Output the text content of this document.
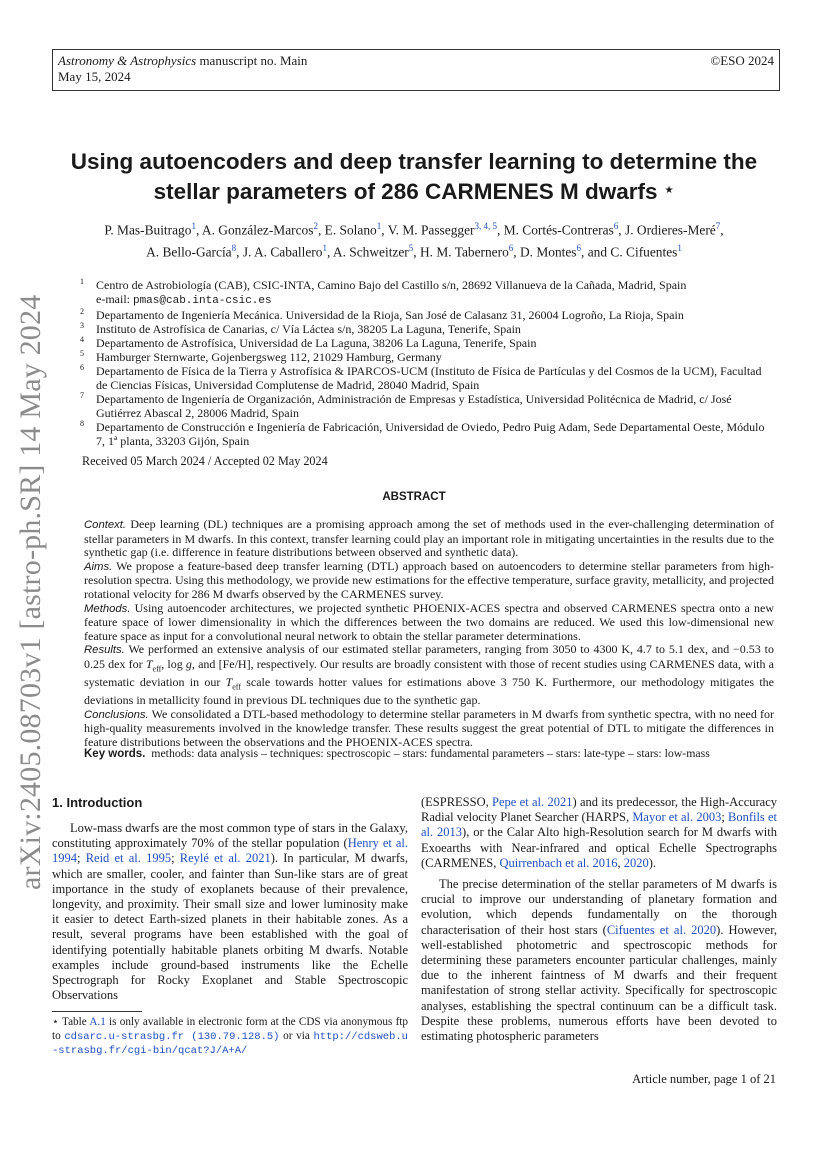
Astronomy & Astrophysics manuscript no. Main
May 15, 2024
©ESO 2024
arXiv:2405.08703v1 [astro-ph.SR] 14 May 2024
Using autoencoders and deep transfer learning to determine the
stellar parameters of 286 CARMENES M dwarfs ⋆
P. Mas-Buitrago$^1$, A. González-Marcos$^2$, E. Solano$^1$, V. M. Passegger$^{3, 4, 5}$, M. Cortés-Contreras$^6$, J. Ordieres-Meré$^7$,
A. Bello-García$^8$, J. A. Caballero$^1$, A. Schweitzer$^5$, H. M. Tabernero$^6$, D. Montes$^6$, and C. Cifuentes$^1$
1 Centro de Astrobiología (CAB), CSIC-INTA, Camino Bajo del Castillo s/n, 28692 Villanueva de la Cañada, Madrid, Spain
e-mail: pmas@cab.inta-csic.es
2 Departamento de Ingeniería Mecánica. Universidad de la Rioja, San José de Calasanz 31, 26004 Logroño, La Rioja, Spain
3 Instituto de Astrofísica de Canarias, c/ Vía Láctea s/n, 38205 La Laguna, Tenerife, Spain
4 Departamento de Astrofísica, Universidad de La Laguna, 38206 La Laguna, Tenerife, Spain
5 Hamburger Sternwarte, Gojenbergsweg 112, 21029 Hamburg, Germany
6 Departamento de Física de la Tierra y Astrofísica & IPARCOS-UCM (Instituto de Física de Partículas y del Cosmos de la UCM), Facultad de Ciencias Físicas, Universidad Complutense de Madrid, 28040 Madrid, Spain
7 Departamento de Ingeniería de Organización, Administración de Empresas y Estadística, Universidad Politécnica de Madrid, c/ José Gutiérrez Abascal 2, 28006 Madrid, Spain
8 Departamento de Construcción e Ingeniería de Fabricación, Universidad de Oviedo, Pedro Puig Adam, Sede Departamental Oeste, Módulo 7, 1ª planta, 33203 Gijón, Spain
Received 05 March 2024 / Accepted 02 May 2024
ABSTRACT

Context. Deep learning (DL) techniques are a promising approach among the set of methods used in the ever-challenging determination of stellar parameters in M dwarfs. In this context, transfer learning could play an important role in mitigating uncertainties in the results due to the synthetic gap (i.e. difference in feature distributions between observed and synthetic data).

Aims. We propose a feature-based deep transfer learning (DTL) approach based on autoencoders to determine stellar parameters from high-resolution spectra. Using this methodology, we provide new estimations for the effective temperature, surface gravity, metallicity, and projected rotational velocity for 286 M dwarfs observed by the CARMENES survey.

Methods. Using autoencoder architectures, we projected synthetic PHOENIX-ACES spectra and observed CARMENES spectra onto a new feature space of lower dimensionality in which the differences between the two domains are reduced. We used this low-dimensional new feature space as input for a convolutional neural network to obtain the stellar parameter determinations.

Results. We performed an extensive analysis of our estimated stellar parameters, ranging from 3050 to 4300 K, 4.7 to 5.1 dex, and −0.53 to 0.25 dex for $T_{eff}$, log g, and [Fe/H], respectively. Our results are broadly consistent with those of recent studies using CARMENES data, with a systematic deviation in our $T_{eff}$ scale towards hotter values for estimations above 3 750 K. Furthermore, our methodology mitigates the deviations in metallicity found in previous DL techniques due to the synthetic gap.

Conclusions. We consolidated a DTL-based methodology to determine stellar parameters in M dwarfs from synthetic spectra, with no need for high-quality measurements involved in the knowledge transfer. These results suggest the great potential of DTL to mitigate the differences in feature distributions between the observations and the PHOENIX-ACES spectra.

Key words. methods: data analysis – techniques: spectroscopic – stars: fundamental parameters – stars: late-type – stars: low-mass
1. Introduction

Low-mass dwarfs are the most common type of stars in the Galaxy, constituting approximately 70% of the stellar population (Henry et al. 1994; Reid et al. 1995; Reylé et al. 2021). In particular, M dwarfs, which are smaller, cooler, and fainter than Sun-like stars are of great importance in the study of exoplanets because of their prevalence, longevity, and proximity. Their small size and lower luminosity make it easier to detect Earth-sized planets in their habitable zones. As a result, several programs have been established with the goal of identifying potentially habitable planets orbiting M dwarfs. Notable examples include ground-based instruments like the Echelle Spectrograph for Rocky Exoplanet and Stable Spectroscopic Observations

⋆ Table A.1 is only available in electronic form at the CDS via anonymous ftp to cdsarc.u-strasbg.fr (130.79.128.5) or via http://cdsweb.u-strasbg.fr/cgi-bin/qcat?J/A+A/

(ESPRESSO, Pepe et al. 2021) and its predecessor, the High-Accuracy Radial velocity Planet Searcher (HARPS, Mayor et al. 2003; Bonfils et al. 2013), or the Calar Alto high-Resolution search for M dwarfs with Exoearths with Near-infrared and optical Echelle Spectrographs (CARMENES, Quirrenbach et al. 2016, 2020).

The precise determination of the stellar parameters of M dwarfs is crucial to improve our understanding of planetary formation and evolution, which depends fundamentally on the thorough characterisation of their host stars (Cifuentes et al. 2020). However, well-established photometric and spectroscopic methods for determining these parameters encounter particular challenges, mainly due to the inherent faintness of M dwarfs and their frequent manifestation of strong stellar activity. Specifically for spectroscopic analyses, establishing the spectral continuum can be a difficult task. Despite these problems, numerous efforts have been devoted to estimating photospheric parameters

Article number, page 1 of 21
